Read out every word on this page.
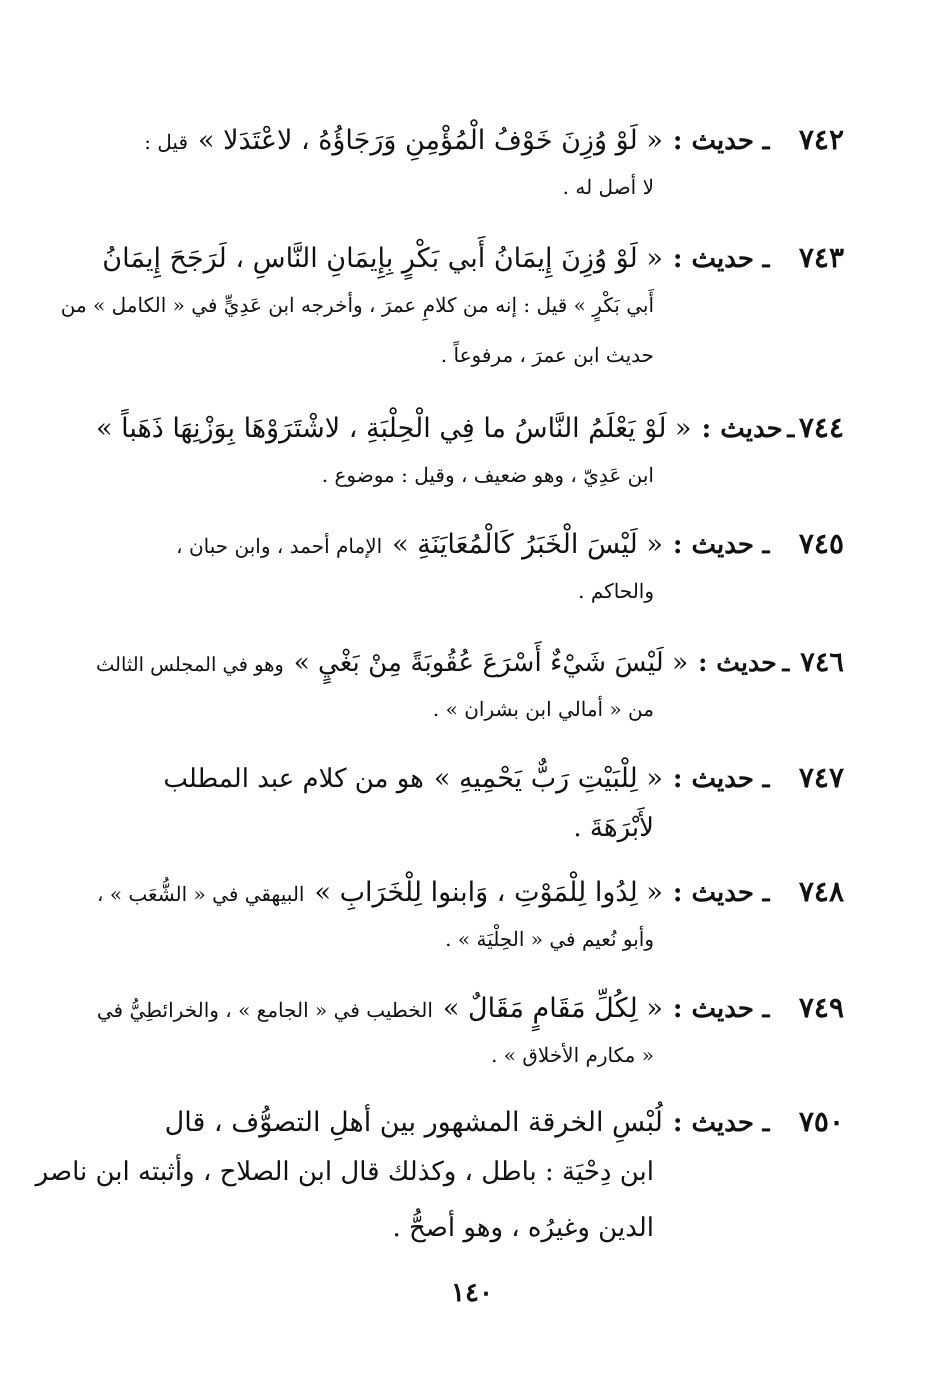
٧٤٢
ـ
حديث :
« لَوْ وُزِنَ خَوْفُ الْمُؤْمِنِ وَرَجَاؤُهُ ، لاعْتَدَلا »
قيل :
لا أصل له .
٧٤٣
ـ
حديث :
« لَوْ وُزِنَ إِيمَانُ أَبي بَكْرٍ بِإِيمَانِ النَّاسِ ، لَرَجَحَ إِيمَانُ
أَبي بَكْرٍ » قيل : إنه من كلامِ عمرَ ، وأخرجه ابن عَدِيٍّ في « الكامل » من
حديث ابن عمرَ ، مرفوعاً .
٧٤٤
ـ
حديث :
« لَوْ يَعْلَمُ النَّاسُ ما فِي الْحِلْبَةِ ، لاشْتَرَوْهَا بِوَزْنِهَا ذَهَباً »
ابن عَدِيّ ، وهو ضعيف ، وقيل : موضوع .
٧٤٥
ـ
حديث :
« لَيْسَ الْخَبَرُ كَالْمُعَايَنَةِ »
الإمام أحمد ، وابن حبان ،
والحاكم .
٧٤٦
ـ
حديث :
« لَيْسَ شَيْءٌ أَسْرَعَ عُقُوبَةً مِنْ بَغْيٍ »
وهو في المجلس الثالث
من « أمالي ابن بشران » .
٧٤٧
ـ
حديث :
« لِلْبَيْتِ رَبٌّ يَحْمِيهِ »
هو من كلام عبد المطلب
لأَبْرَهَةَ .
٧٤٨
ـ
حديث :
« لِدُوا لِلْمَوْتِ ، وَابنوا لِلْخَرَابِ »
البيهقي في « الشُّعَب » ،
وأبو نُعيم في « الحِلْيَة » .
٧٤٩
ـ
حديث :
« لِكُلِّ مَقَامٍ مَقَالٌ »
الخطيب في « الجامع » ، والخرائطِيُّ في
« مكارم الأخلاق » .
٧٥٠
ـ
حديث :
لُبْسِ الخرقة المشهور بين أهلِ التصوُّف ، قال
ابن دِحْيَة : باطل ، وكذلك قال ابن الصلاح ، وأثبته ابن ناصر
الدين وغيرُه ، وهو أصحُّ .
١٤٠
